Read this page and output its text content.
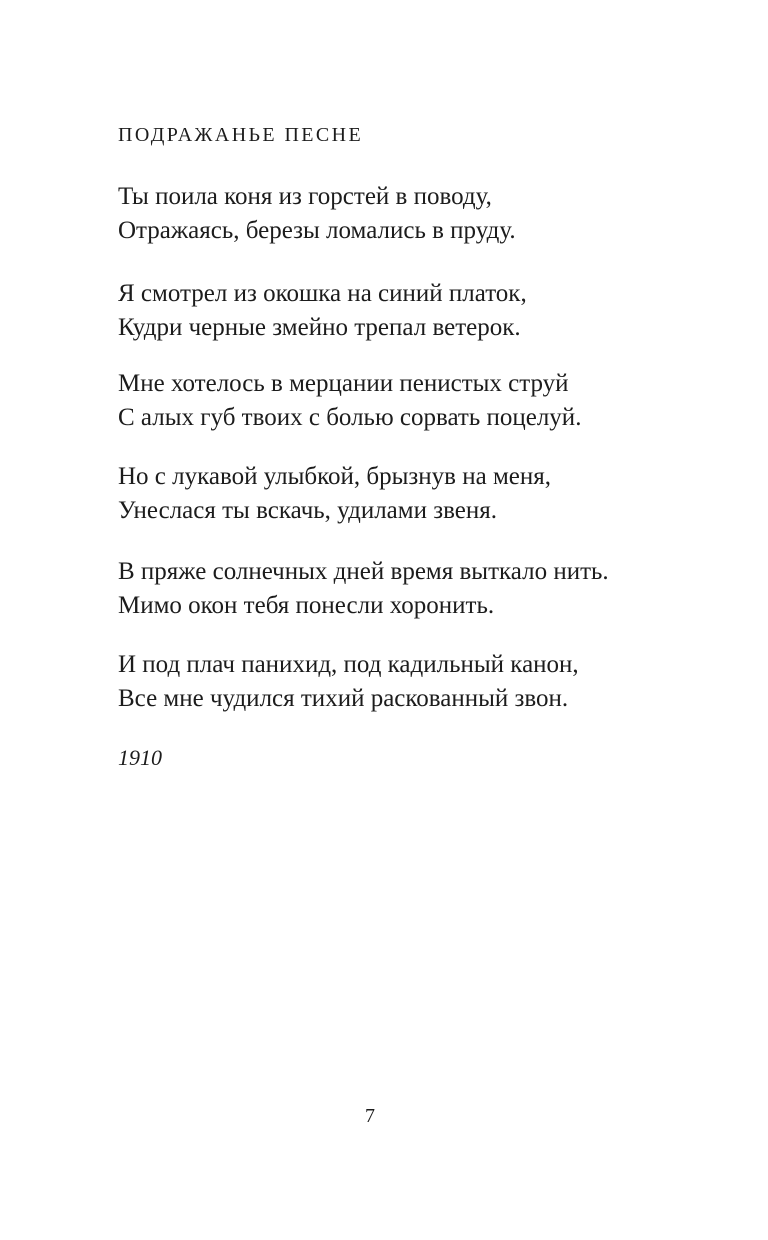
ПОДРАЖАНЬЕ ПЕСНЕ

Ты поила коня из горстей в поводу,
Отражаясь, березы ломались в пруду.

Я смотрел из окошка на синий платок,
Кудри черные змейно трепал ветерок.

Мне хотелось в мерцании пенистых струй
С алых губ твоих с болью сорвать поцелуй.

Но с лукавой улыбкой, брызнув на меня,
Унеслася ты вскачь, удилами звеня.

В пряже солнечных дней время выткало нить.
Мимо окон тебя понесли хоронить.

И под плач панихид, под кадильный канон,
Все мне чудился тихий раскованный звон.

1910
7
